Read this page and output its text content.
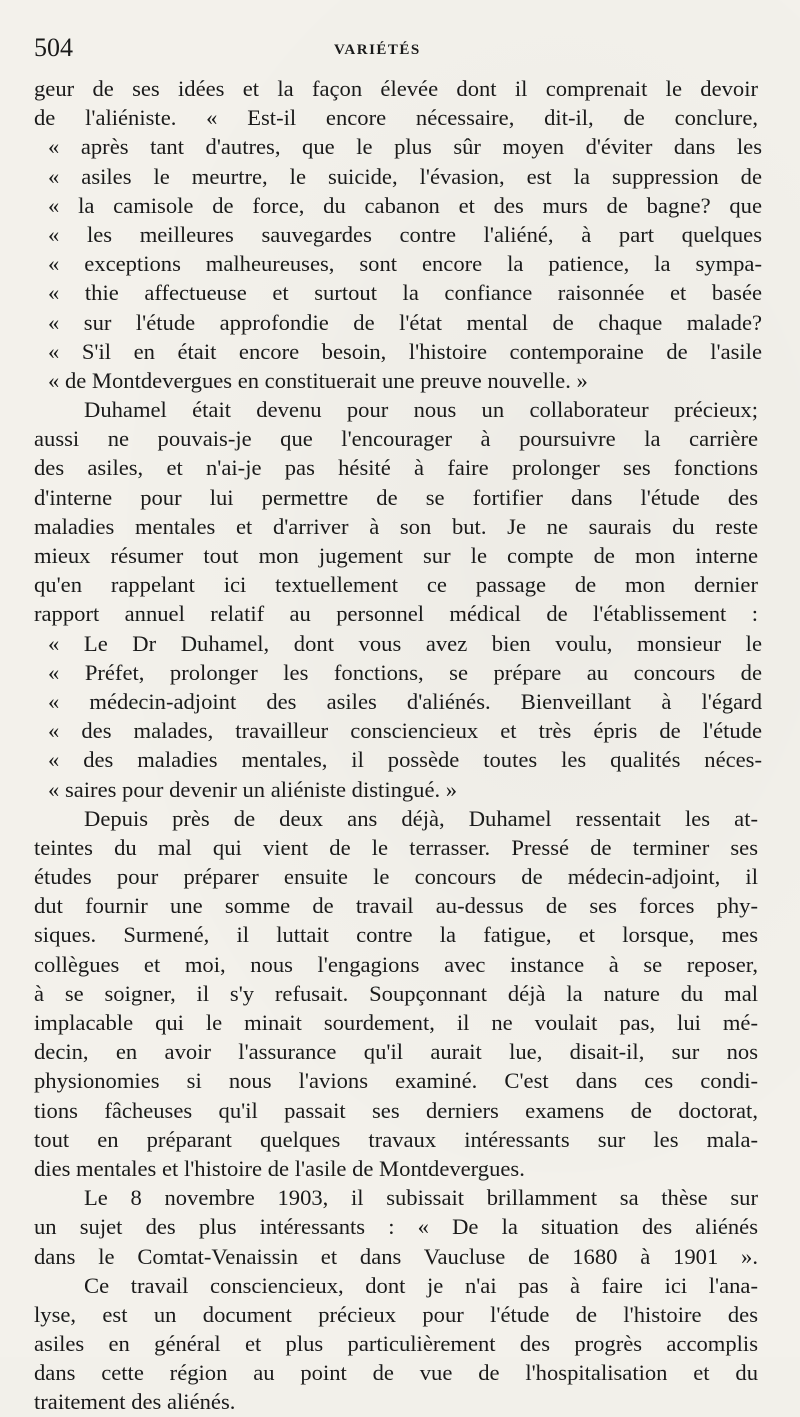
504	VARIÉTÉS
geur de ses idées et la façon élevée dont il comprenait le devoir
de l'aliéniste. « Est-il encore nécessaire, dit-il, de conclure,
« après tant d'autres, que le plus sûr moyen d'éviter dans les
« asiles le meurtre, le suicide, l'évasion, est la suppression de
« la camisole de force, du cabanon et des murs de bagne? que
« les meilleures sauvegardes contre l'aliéné, à part quelques
« exceptions malheureuses, sont encore la patience, la sympa-
« thie affectueuse et surtout la confiance raisonnée et basée
« sur l'étude approfondie de l'état mental de chaque malade?
« S'il en était encore besoin, l'histoire contemporaine de l'asile
« de Montdevergues en constituerait une preuve nouvelle. »
Duhamel était devenu pour nous un collaborateur précieux;
aussi ne pouvais-je que l'encourager à poursuivre la carrière
des asiles, et n'ai-je pas hésité à faire prolonger ses fonctions
d'interne pour lui permettre de se fortifier dans l'étude des
maladies mentales et d'arriver à son but. Je ne saurais du reste
mieux résumer tout mon jugement sur le compte de mon interne
qu'en rappelant ici textuellement ce passage de mon dernier
rapport annuel relatif au personnel médical de l'établissement :
« Le Dr Duhamel, dont vous avez bien voulu, monsieur le
« Préfet, prolonger les fonctions, se prépare au concours de
« médecin-adjoint des asiles d'aliénés. Bienveillant à l'égard
« des malades, travailleur consciencieux et très épris de l'étude
« des maladies mentales, il possède toutes les qualités néces-
« saires pour devenir un aliéniste distingué. »
Depuis près de deux ans déjà, Duhamel ressentait les at-
teintes du mal qui vient de le terrasser. Pressé de terminer ses
études pour préparer ensuite le concours de médecin-adjoint, il
dut fournir une somme de travail au-dessus de ses forces phy-
siques. Surmené, il luttait contre la fatigue, et lorsque, mes
collègues et moi, nous l'engagions avec instance à se reposer,
à se soigner, il s'y refusait. Soupçonnant déjà la nature du mal
implacable qui le minait sourdement, il ne voulait pas, lui mé-
decin, en avoir l'assurance qu'il aurait lue, disait-il, sur nos
physionomies si nous l'avions examiné. C'est dans ces condi-
tions fâcheuses qu'il passait ses derniers examens de doctorat,
tout en préparant quelques travaux intéressants sur les mala-
dies mentales et l'histoire de l'asile de Montdevergues.
Le 8 novembre 1903, il subissait brillamment sa thèse sur
un sujet des plus intéressants : « De la situation des aliénés
dans le Comtat-Venaissin et dans Vaucluse de 1680 à 1901 ».
Ce travail consciencieux, dont je n'ai pas à faire ici l'ana-
lyse, est un document précieux pour l'étude de l'histoire des
asiles en général et plus particulièrement des progrès accomplis
dans cette région au point de vue de l'hospitalisation et du
traitement des aliénés.
